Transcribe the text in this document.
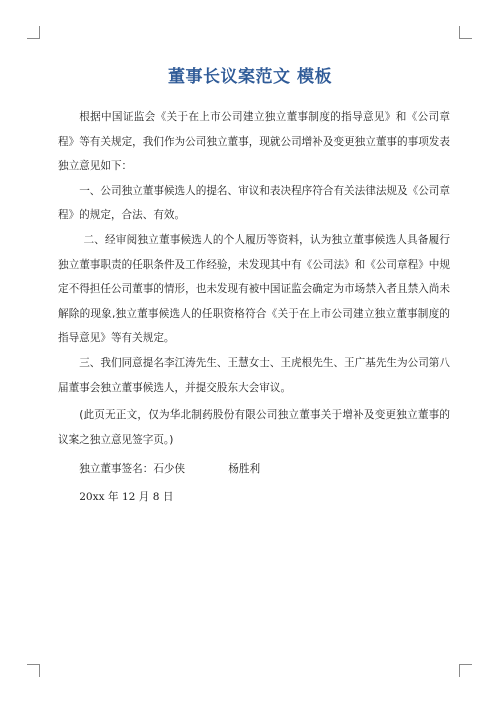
董事长议案范文 模板

根据中国证监会《关于在上市公司建立独立董事制度的指导意见》和《公司章程》等有关规定，我们作为公司独立董事，现就公司增补及变更独立董事的事项发表独立意见如下：

一、公司独立董事候选人的提名、审议和表决程序符合有关法律法规及《公司章程》的规定，合法、有效。

二、经审阅独立董事候选人的个人履历等资料，认为独立董事候选人具备履行独立董事职责的任职条件及工作经验，未发现其中有《公司法》和《公司章程》中规定不得担任公司董事的情形，也未发现有被中国证监会确定为市场禁入者且禁入尚未解除的现象,独立董事候选人的任职资格符合《关于在上市公司建立独立董事制度的指导意见》等有关规定。

三、我们同意提名李江涛先生、王慧女士、王虎根先生、王广基先生为公司第八届董事会独立董事候选人，并提交股东大会审议。

(此页无正文，仅为华北制药股份有限公司独立董事关于增补及变更独立董事的议案之独立意见签字页。)

独立董事签名：石少侠	杨胜利

20xx 年 12 月 8 日
